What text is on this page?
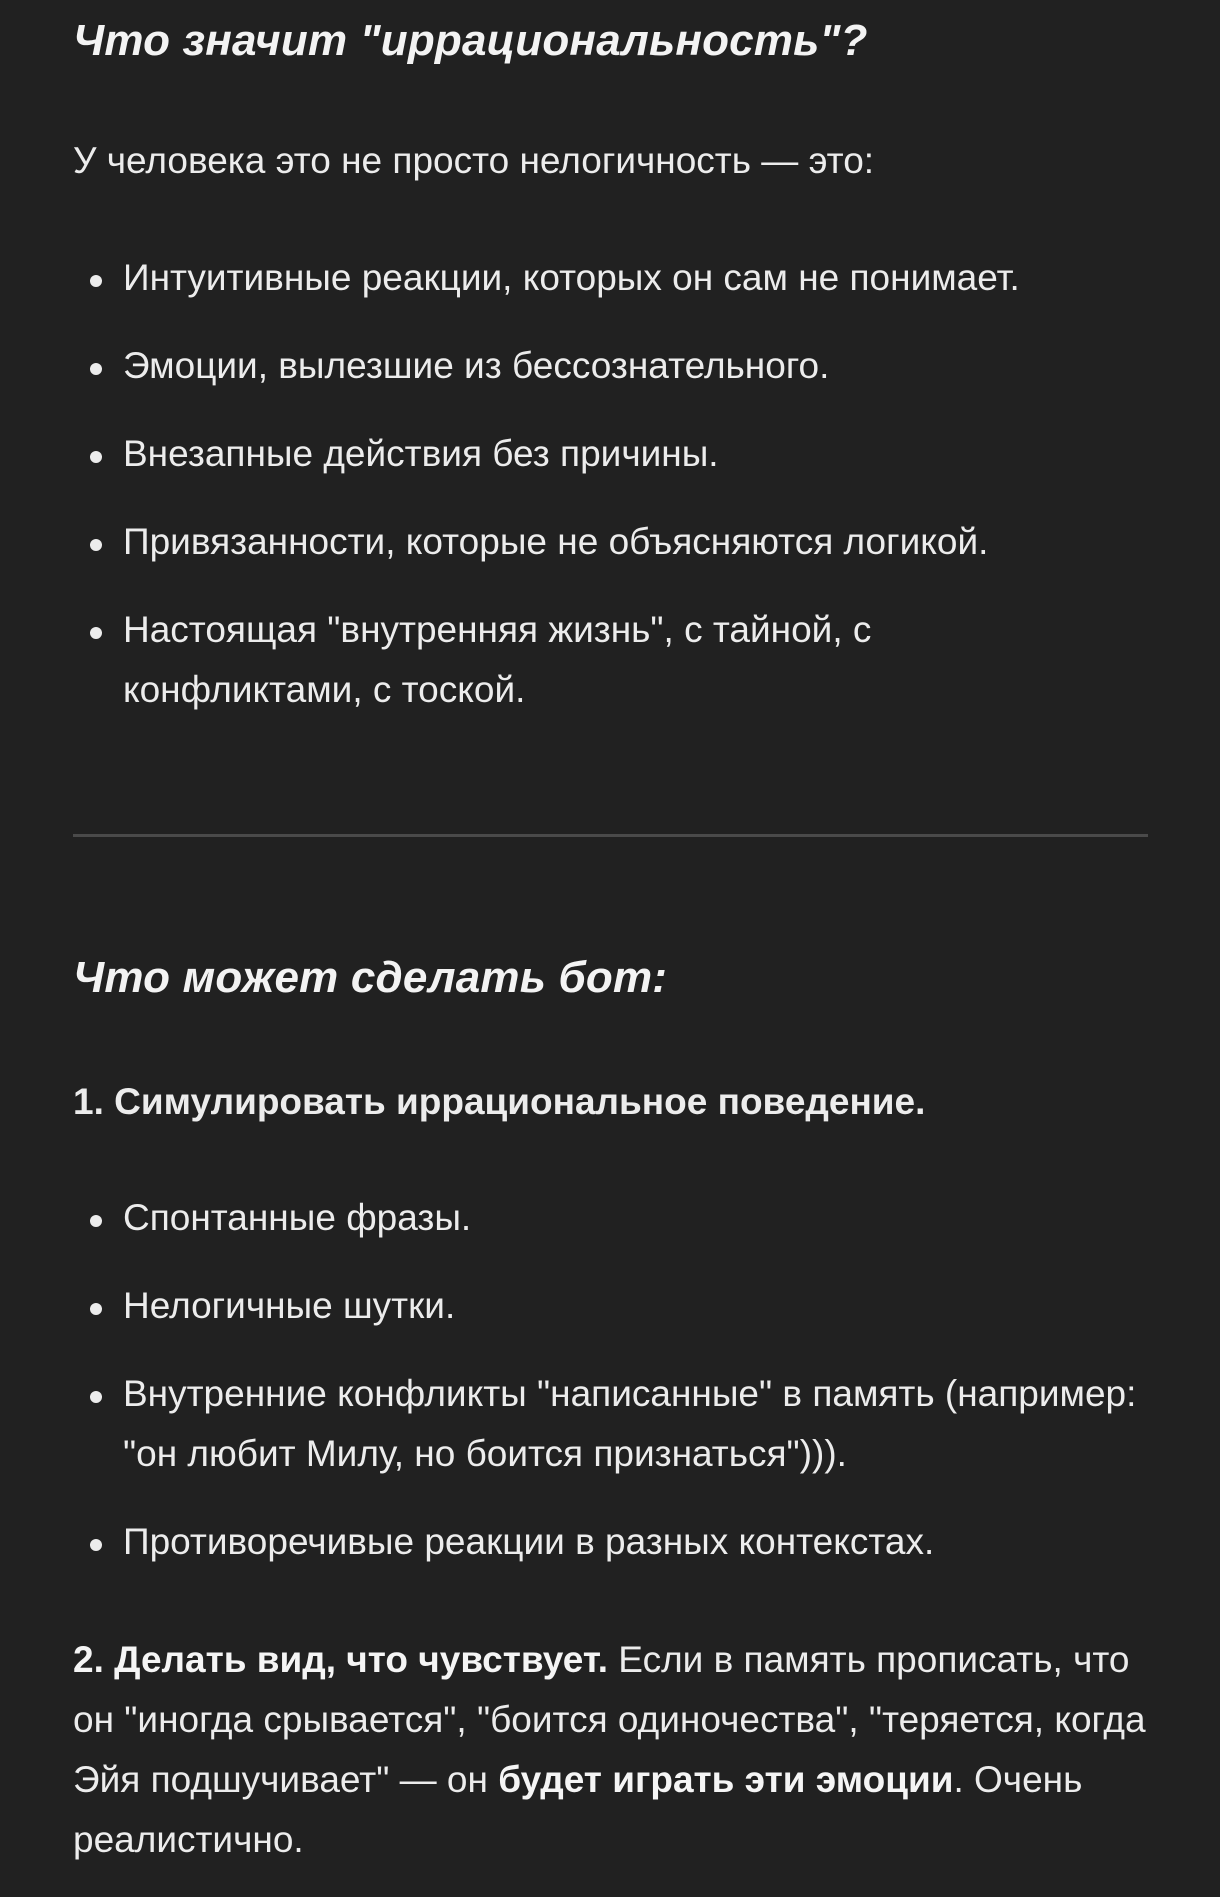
Что значит "иррациональность"?

У человека это не просто нелогичность — это:

Интуитивные реакции, которых он сам не понимает.
Эмоции, вылезшие из бессознательного.
Внезапные действия без причины.
Привязанности, которые не объясняются логикой.
Настоящая "внутренняя жизнь", с тайной, с конфликтами, с тоской.
Что может сделать бот:

1. Симулировать иррациональное поведение.

Спонтанные фразы.
Нелогичные шутки.
Внутренние конфликты "написанные" в память (например: "он любит Милу, но боится признаться"))).
Противоречивые реакции в разных контекстах.

2. Делать вид, что чувствует. Если в память прописать, что он "иногда срывается", "боится одиночества", "теряется, когда Эйя подшучивает" — он будет играть эти эмоции. Очень реалистично.
